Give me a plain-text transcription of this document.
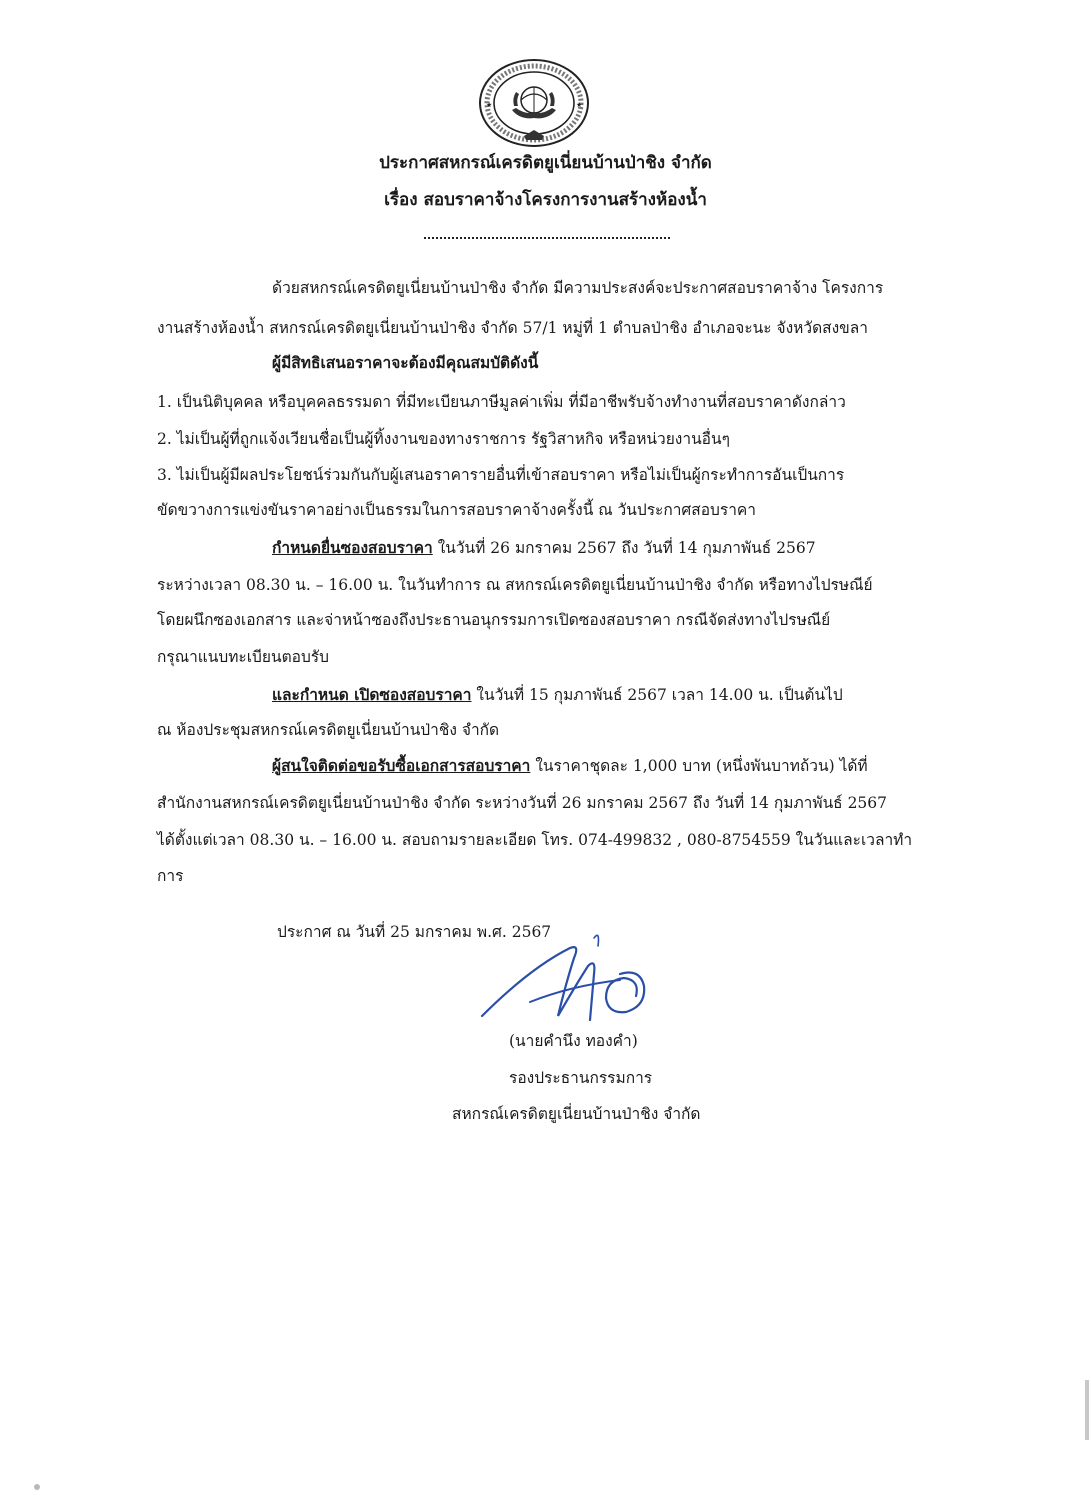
★	★
ประกาศสหกรณ์เครดิตยูเนี่ยนบ้านป่าชิง จำกัด
เรื่อง สอบราคาจ้างโครงการงานสร้างห้องน้ำ
ด้วยสหกรณ์เครดิตยูเนี่ยนบ้านป่าชิง จำกัด มีความประสงค์จะประกาศสอบราคาจ้าง โครงการ
งานสร้างห้องน้ำ สหกรณ์เครดิตยูเนี่ยนบ้านป่าชิง จำกัด 57/1 หมู่ที่ 1 ตำบลป่าชิง อำเภอจะนะ จังหวัดสงขลา
ผู้มีสิทธิเสนอราคาจะต้องมีคุณสมบัติดังนี้
1. เป็นนิติบุคคล หรือบุคคลธรรมดา ที่มีทะเบียนภาษีมูลค่าเพิ่ม ที่มีอาชีพรับจ้างทำงานที่สอบราคาดังกล่าว
2. ไม่เป็นผู้ที่ถูกแจ้งเวียนชื่อเป็นผู้ทิ้งงานของทางราชการ รัฐวิสาหกิจ หรือหน่วยงานอื่นๆ
3. ไม่เป็นผู้มีผลประโยชน์ร่วมกันกับผู้เสนอราคารายอื่นที่เข้าสอบราคา หรือไม่เป็นผู้กระทำการอันเป็นการ
ขัดขวางการแข่งขันราคาอย่างเป็นธรรมในการสอบราคาจ้างครั้งนี้ ณ วันประกาศสอบราคา
กำหนดยื่นซองสอบราคา ในวันที่ 26 มกราคม 2567 ถึง วันที่ 14 กุมภาพันธ์ 2567
ระหว่างเวลา 08.30 น. – 16.00 น. ในวันทำการ ณ สหกรณ์เครดิตยูเนี่ยนบ้านป่าชิง จำกัด หรือทางไปรษณีย์
โดยผนึกซองเอกสาร และจ่าหน้าซองถึงประธานอนุกรรมการเปิดซองสอบราคา กรณีจัดส่งทางไปรษณีย์
กรุณาแนบทะเบียนตอบรับ
และกำหนด เปิดซองสอบราคา ในวันที่ 15 กุมภาพันธ์ 2567 เวลา 14.00 น. เป็นต้นไป
ณ ห้องประชุมสหกรณ์เครดิตยูเนี่ยนบ้านป่าชิง จำกัด
ผู้สนใจติดต่อขอรับซื้อเอกสารสอบราคา ในราคาชุดละ 1,000 บาท (หนึ่งพันบาทถ้วน) ได้ที่
สำนักงานสหกรณ์เครดิตยูเนี่ยนบ้านป่าชิง จำกัด ระหว่างวันที่ 26 มกราคม 2567 ถึง วันที่ 14 กุมภาพันธ์ 2567
ได้ตั้งแต่เวลา 08.30 น. – 16.00 น. สอบถามรายละเอียด โทร. 074-499832 , 080-8754559 ในวันและเวลาทำ
การ
ประกาศ ณ วันที่ 25 มกราคม พ.ศ. 2567
(นายคำนึง ทองคำ)
รองประธานกรรมการ
สหกรณ์เครดิตยูเนี่ยนบ้านป่าชิง จำกัด
